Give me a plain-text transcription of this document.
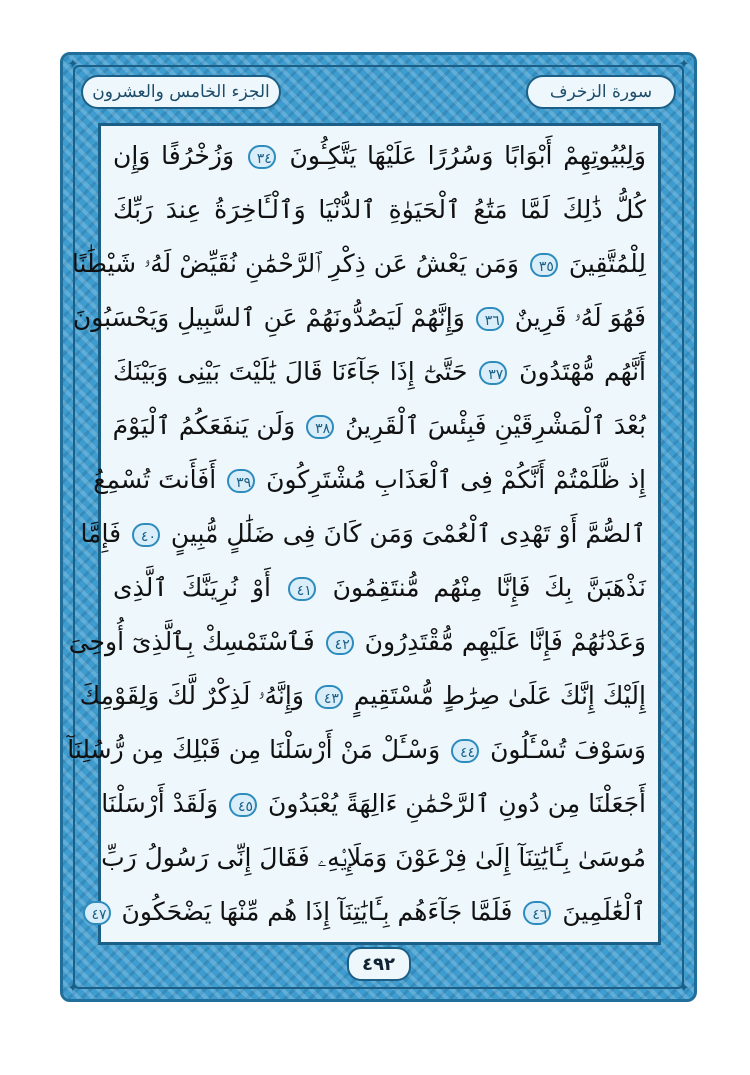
✦	✦
✦	✦
الجزء الخامس والعشرون	سورة الزخرف
وَلِبُيُوتِهِمْ أَبْوَابًا وَسُرُرًا عَلَيْهَا يَتَّكِـُٔونَ ٣٤ وَزُخْرُفًا وَإِن
كُلُّ ذَٰلِكَ لَمَّا مَتَٰعُ ٱلْحَيَوٰةِ ٱلدُّنْيَا وَٱلْـَٔاخِرَةُ عِندَ رَبِّكَ
لِلْمُتَّقِينَ ٣٥ وَمَن يَعْشُ عَن ذِكْرِ ٱلرَّحْمَٰنِ نُقَيِّضْ لَهُۥ شَيْطَٰنًا
فَهُوَ لَهُۥ قَرِينٌ ٣٦ وَإِنَّهُمْ لَيَصُدُّونَهُمْ عَنِ ٱلسَّبِيلِ وَيَحْسَبُونَ
أَنَّهُم مُّهْتَدُونَ ٣٧ حَتَّىٰٓ إِذَا جَآءَنَا قَالَ يَٰلَيْتَ بَيْنِى وَبَيْنَكَ
بُعْدَ ٱلْمَشْرِقَيْنِ فَبِئْسَ ٱلْقَرِينُ ٣٨ وَلَن يَنفَعَكُمُ ٱلْيَوْمَ
إِذ ظَّلَمْتُمْ أَنَّكُمْ فِى ٱلْعَذَابِ مُشْتَرِكُونَ ٣٩ أَفَأَنتَ تُسْمِعُ
ٱلصُّمَّ أَوْ تَهْدِى ٱلْعُمْىَ وَمَن كَانَ فِى ضَلَٰلٍ مُّبِينٍ ٤٠ فَإِمَّا
نَذْهَبَنَّ بِكَ فَإِنَّا مِنْهُم مُّنتَقِمُونَ ٤١ أَوْ نُرِيَنَّكَ ٱلَّذِى
وَعَدْنَٰهُمْ فَإِنَّا عَلَيْهِم مُّقْتَدِرُونَ ٤٢ فَٱسْتَمْسِكْ بِٱلَّذِىٓ أُوحِىَ
إِلَيْكَ إِنَّكَ عَلَىٰ صِرَٰطٍ مُّسْتَقِيمٍ ٤٣ وَإِنَّهُۥ لَذِكْرٌ لَّكَ وَلِقَوْمِكَ
وَسَوْفَ تُسْـَٔلُونَ ٤٤ وَسْـَٔلْ مَنْ أَرْسَلْنَا مِن قَبْلِكَ مِن رُّسُلِنَآ
أَجَعَلْنَا مِن دُونِ ٱلرَّحْمَٰنِ ءَالِهَةً يُعْبَدُونَ ٤٥ وَلَقَدْ أَرْسَلْنَا
مُوسَىٰ بِـَٔايَٰتِنَآ إِلَىٰ فِرْعَوْنَ وَمَلَإِي۟هِۦ فَقَالَ إِنِّى رَسُولُ رَبِّ
ٱلْعَٰلَمِينَ ٤٦ فَلَمَّا جَآءَهُم بِـَٔايَٰتِنَآ إِذَا هُم مِّنْهَا يَضْحَكُونَ ٤٧
٤٩٢
